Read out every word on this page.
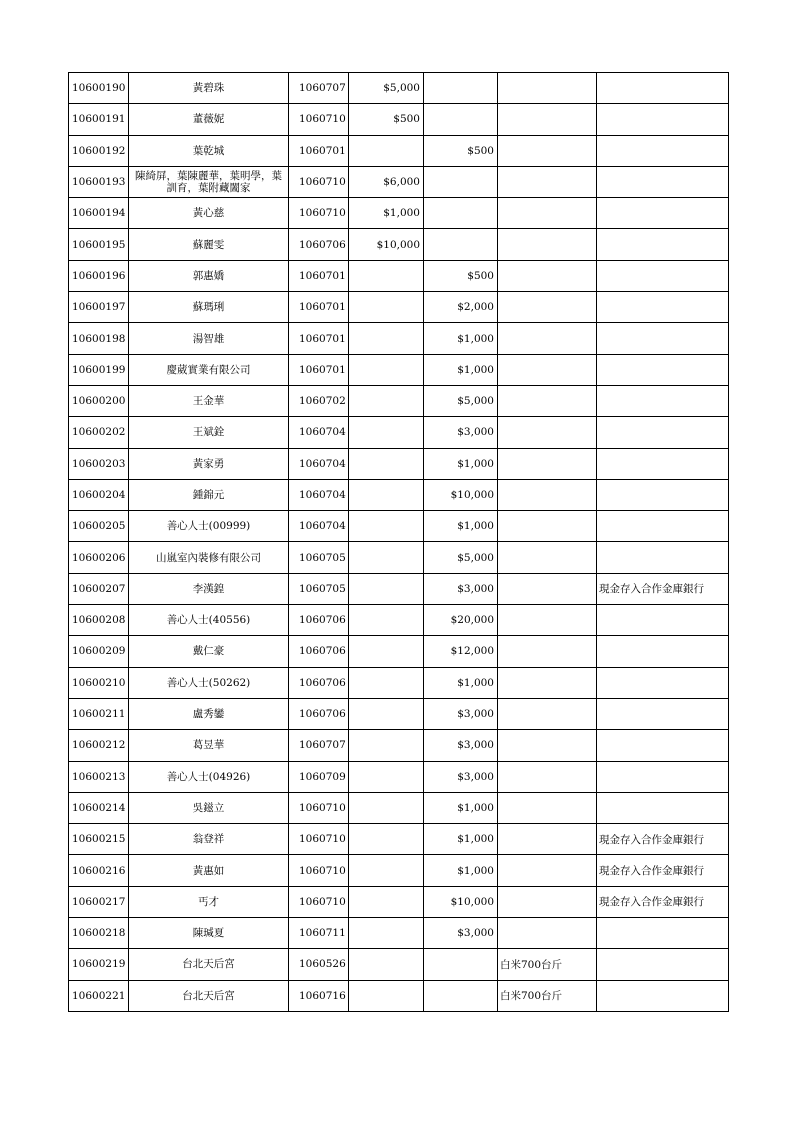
10600190	黃碧珠	1060707	$5,000			
10600191	董薇妮	1060710	$500			
10600192	葉乾城	1060701		$500		
10600193	陳綺屏，葉陳麗華，葉明學，葉訓育，葉附藏闔家	1060710	$6,000			
10600194	黃心慈	1060710	$1,000			
10600195	蘇麗雯	1060706	$10,000			
10600196	郭惠嬌	1060701		$500		
10600197	蘇瑪琍	1060701		$2,000		
10600198	湯智雄	1060701		$1,000		
10600199	慶葳實業有限公司	1060701		$1,000		
10600200	王金華	1060702		$5,000		
10600202	王斌銓	1060704		$3,000		
10600203	黃家勇	1060704		$1,000		
10600204	鍾錦元	1060704		$10,000		
10600205	善心人士(00999)	1060704		$1,000		
10600206	山嵐室內裝修有限公司	1060705		$5,000		
10600207	李漢鍠	1060705		$3,000		現金存入合作金庫銀行
10600208	善心人士(40556)	1060706		$20,000		
10600209	戴仁豪	1060706		$12,000		
10600210	善心人士(50262)	1060706		$1,000		
10600211	盧秀鑾	1060706		$3,000		
10600212	葛昱華	1060707		$3,000		
10600213	善心人士(04926)	1060709		$3,000		
10600214	吳鎡立	1060710		$1,000		
10600215	翁登祥	1060710		$1,000		現金存入合作金庫銀行
10600216	黃惠如	1060710		$1,000		現金存入合作金庫銀行
10600217	丐才	1060710		$10,000		現金存入合作金庫銀行
10600218	陳瑊夏	1060711		$3,000		
10600219	台北天后宮	1060526			白米700台斤	
10600221	台北天后宮	1060716			白米700台斤	
